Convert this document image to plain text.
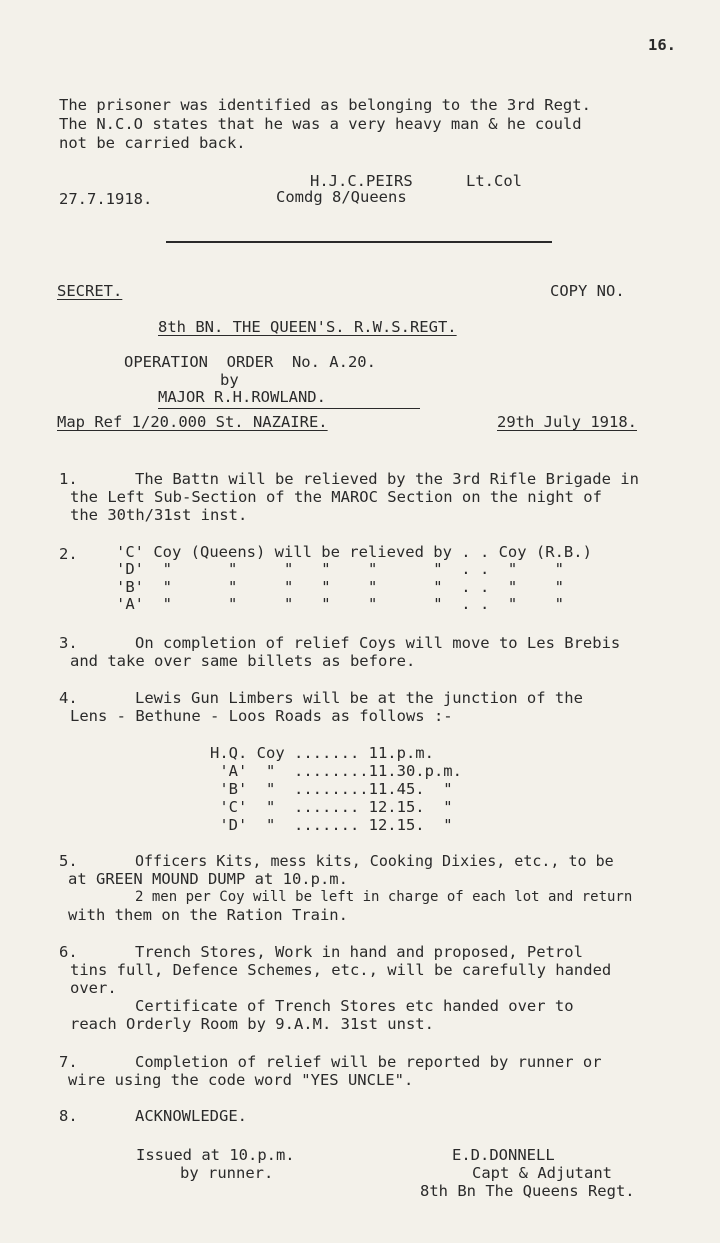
16.
The prisoner was identified as belonging to the 3rd Regt.
The N.C.O states that he was a very heavy man & he could
not be carried back.
H.J.C.PEIRS	Lt.Col
27.7.1918.	Comdg 8/Queens
SECRET.	COPY NO.
8th BN. THE QUEEN'S. R.W.S.REGT.
OPERATION  ORDER  No. A.20.
by
MAJOR R.H.ROWLAND.
Map Ref 1/20.000 St. NAZAIRE.	29th July 1918.
1.	The Battn will be relieved by the 3rd Rifle Brigade in
the Left Sub-Section of the MAROC Section on the night of
the 30th/31st inst.
2. 'C' Coy (Queens) will be relieved by . . Coy (R.B.)
'D'  "      "     "   "    "      "  . .  "    "
'B'  "      "     "   "    "      "  . .  "    "
'A'  "      "     "   "    "      "  . .  "    "
3.	On completion of relief Coys will move to Les Brebis
and take over same billets as before.
4.	Lewis Gun Limbers will be at the junction of the
Lens - Bethune - Loos Roads as follows :-
H.Q. Coy ....... 11.p.m.
'A'  "  ........11.30.p.m.
'B'  "  ........11.45.  "
'C'  "  ....... 12.15.  "
'D'  "  ....... 12.15.  "
5.	Officers Kits, mess kits, Cooking Dixies, etc., to be
at GREEN MOUND DUMP at 10.p.m.
2 men per Coy will be left in charge of each lot and return
with them on the Ration Train.
6.	Trench Stores, Work in hand and proposed, Petrol
tins full, Defence Schemes, etc., will be carefully handed
over.
Certificate of Trench Stores etc handed over to
reach Orderly Room by 9.A.M. 31st unst.
7.	Completion of relief will be reported by runner or
wire using the code word "YES UNCLE".
8.	ACKNOWLEDGE.
Issued at 10.p.m.
by runner.
E.D.DONNELL
Capt & Adjutant
8th Bn The Queens Regt.
